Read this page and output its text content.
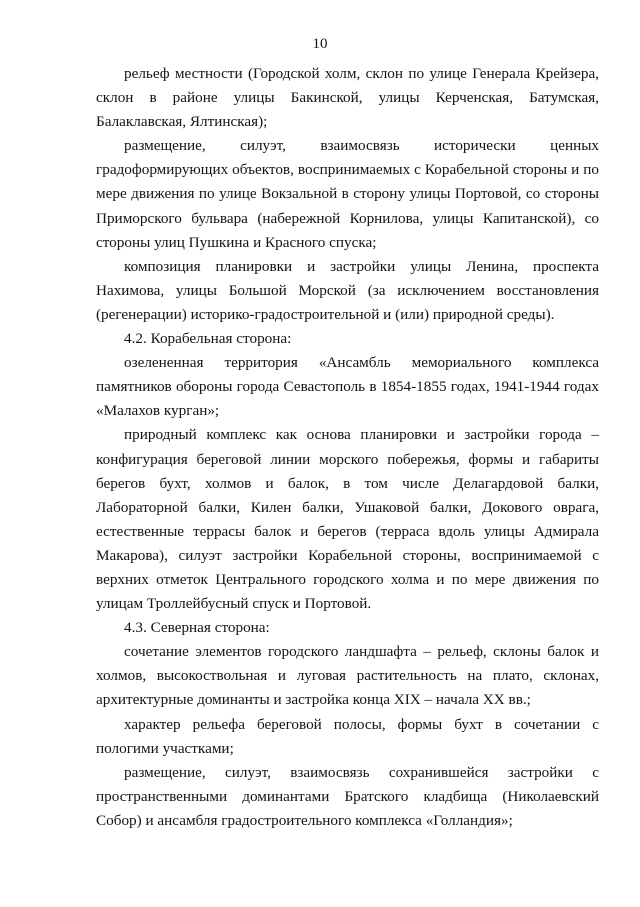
10

рельеф местности (Городской холм, склон по улице Генерала Крейзера, склон в районе улицы Бакинской, улицы Керченская, Батумская, Балаклавская, Ялтинская);

размещение, силуэт, взаимосвязь исторически ценных градоформирующих объектов, воспринимаемых с Корабельной стороны и по мере движения по улице Вокзальной в сторону улицы Портовой, со стороны Приморского бульвара (набережной Корнилова, улицы Капитанской), со стороны улиц Пушкина и Красного спуска;

композиция планировки и застройки улицы Ленина, проспекта Нахимова, улицы Большой Морской (за исключением восстановления (регенерации) историко-градостроительной и (или) природной среды).

4.2. Корабельная сторона:

озелененная территория «Ансамбль мемориального комплекса памятников обороны города Севастополь в 1854-1855 годах, 1941-1944 годах «Малахов курган»;

природный комплекс как основа планировки и застройки города – конфигурация береговой линии морского побережья, формы и габариты берегов бухт, холмов и балок, в том числе Делагардовой балки, Лабораторной балки, Килен балки, Ушаковой балки, Докового оврага, естественные террасы балок и берегов (терраса вдоль улицы Адмирала Макарова), силуэт застройки Корабельной стороны, воспринимаемой с верхних отметок Центрального городского холма и по мере движения по улицам Троллейбусный спуск и Портовой.

4.3. Северная сторона:

сочетание элементов городского ландшафта – рельеф, склоны балок и холмов, высокоствольная и луговая растительность на плато, склонах, архитектурные доминанты и застройка конца XIX – начала XX вв.;

характер рельефа береговой полосы, формы бухт в сочетании с пологими участками;

размещение, силуэт, взаимосвязь сохранившейся застройки с пространственными доминантами Братского кладбища (Николаевский Собор) и ансамбля градостроительного комплекса «Голландия»;
